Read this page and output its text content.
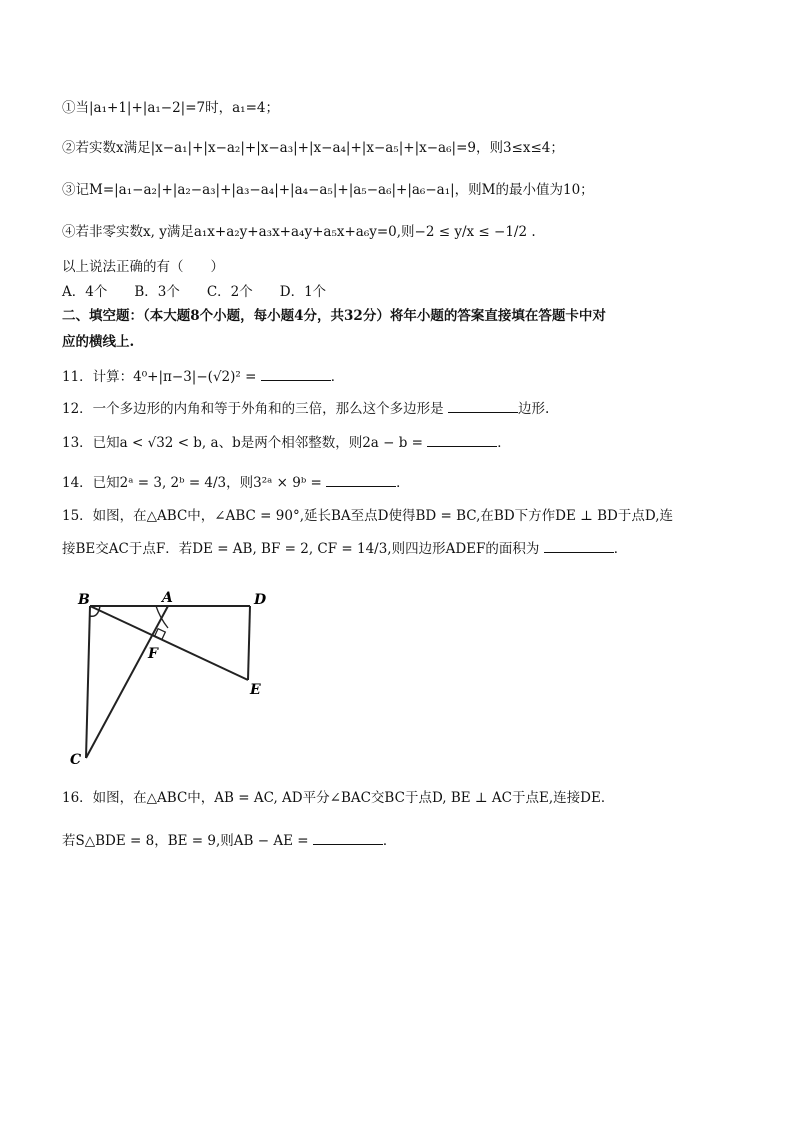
①当|a₁+1|+|a₁−2|=7时，a₁=4；
②若实数x满足|x−a₁|+|x−a₂|+|x−a₃|+|x−a₄|+|x−a₅|+|x−a₆|=9，则3≤x≤4；
③记M=|a₁−a₂|+|a₂−a₃|+|a₃−a₄|+|a₄−a₅|+|a₅−a₆|+|a₆−a₁|，则M的最小值为10；
④若非零实数x, y满足a₁x+a₂y+a₃x+a₄y+a₅x+a₆y=0,则−2 ≤ y/x ≤ −1/2 .
以上说法正确的有（　　）
A．4个　　B．3个　　C．2个　　D．1个
二、填空题：（本大题8个小题，每小题4分，共32分）将年小题的答案直接填在答题卡中对
应的横线上.
11．计算：4⁰+|π−3|−(√2)² =	．
12．一个多边形的内角和等于外角和的三倍，那么这个多边形是	边形.
13．已知a < √32 < b, a、b是两个相邻整数，则2a − b =	．
14．已知2ᵃ = 3, 2ᵇ = 4/3，则3²ᵃ × 9ᵇ =	．
15．如图，在△ABC中，∠ABC = 90°,延长BA至点D使得BD = BC,在BD下方作DE ⊥ BD于点D,连
接BE交AC于点F．若DE = AB, BF = 2, CF = 14/3,则四边形ADEF的面积为	．
B	A	D
F
E
C
16．如图，在△ABC中，AB = AC, AD平分∠BAC交BC于点D, BE ⊥ AC于点E,连接DE．
若S△BDE = 8，BE = 9,则AB − AE =	．
